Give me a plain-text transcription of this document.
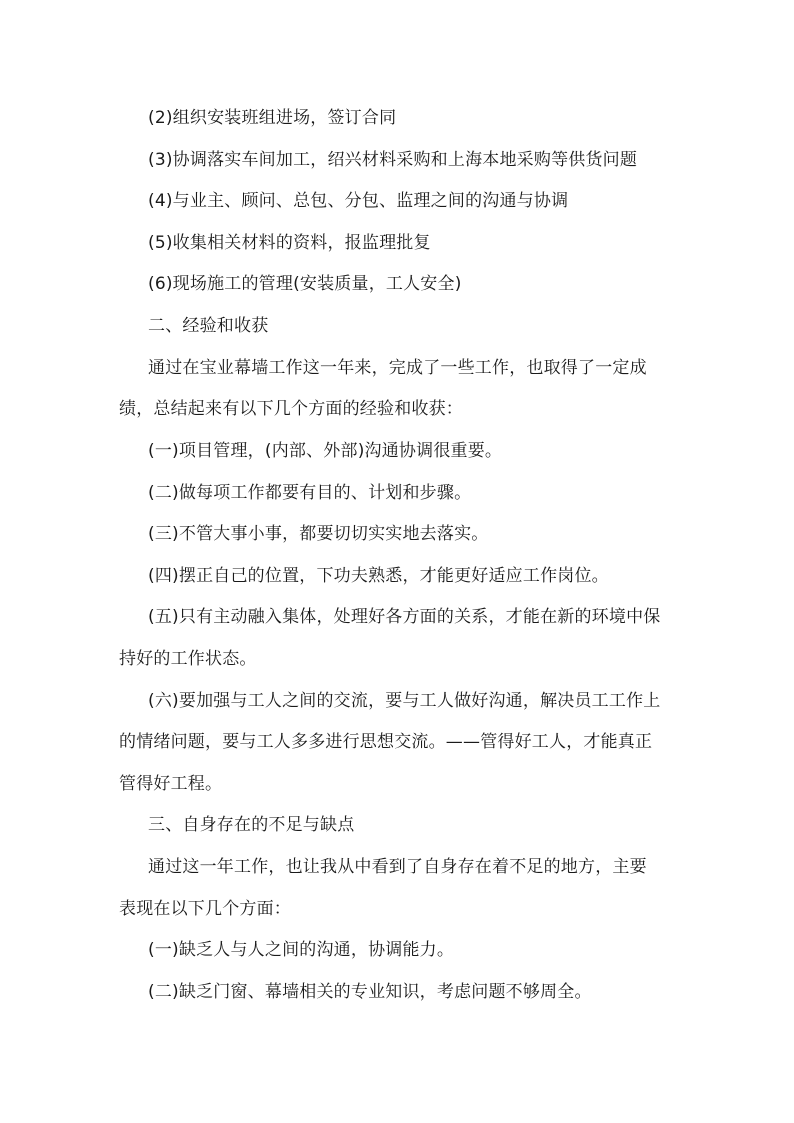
(2)组织安装班组进场，签订合同
(3)协调落实车间加工，绍兴材料采购和上海本地采购等供货问题
(4)与业主、顾问、总包、分包、监理之间的沟通与协调
(5)收集相关材料的资料，报监理批复
(6)现场施工的管理(安装质量，工人安全)
二、经验和收获
通过在宝业幕墙工作这一年来，完成了一些工作，也取得了一定成
绩，总结起来有以下几个方面的经验和收获：
(一)项目管理，(内部、外部)沟通协调很重要。
(二)做每项工作都要有目的、计划和步骤。
(三)不管大事小事，都要切切实实地去落实。
(四)摆正自己的位置，下功夫熟悉，才能更好适应工作岗位。
(五)只有主动融入集体，处理好各方面的关系，才能在新的环境中保
持好的工作状态。
(六)要加强与工人之间的交流，要与工人做好沟通，解决员工工作上
的情绪问题，要与工人多多进行思想交流。——管得好工人，才能真正
管得好工程。
三、自身存在的不足与缺点
通过这一年工作，也让我从中看到了自身存在着不足的地方，主要
表现在以下几个方面：
(一)缺乏人与人之间的沟通，协调能力。
(二)缺乏门窗、幕墙相关的专业知识，考虑问题不够周全。
